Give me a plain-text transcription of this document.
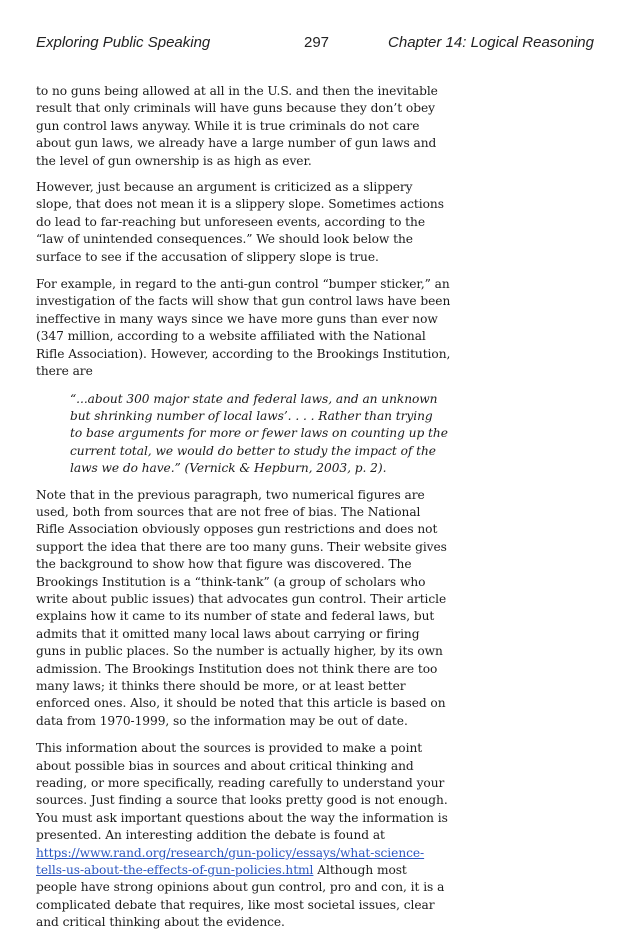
Exploring Public Speaking	297	Chapter 14: Logical Reasoning

to no guns being allowed at all in the U.S. and then the inevitable result that only criminals will have guns because they don’t obey gun control laws anyway. While it is true criminals do not care about gun laws, we already have a large number of gun laws and the level of gun ownership is as high as ever.

However, just because an argument is criticized as a slippery slope, that does not mean it is a slippery slope. Sometimes actions do lead to far-reaching but unforeseen events, according to the “law of unintended consequences.” We should look below the surface to see if the accusation of slippery slope is true.

For example, in regard to the anti-gun control “bumper sticker,” an investigation of the facts will show that gun control laws have been ineffective in many ways since we have more guns than ever now (347 million, according to a website affiliated with the National Rifle Association). However, according to the Brookings Institution, there are

“...about 300 major state and federal laws, and an unknown but shrinking number of local laws’. . . . Rather than trying to base arguments for more or fewer laws on counting up the current total, we would do better to study the impact of the laws we do have.” (Vernick & Hepburn, 2003, p. 2).

Note that in the previous paragraph, two numerical figures are used, both from sources that are not free of bias. The National Rifle Association obviously opposes gun restrictions and does not support the idea that there are too many guns. Their website gives the background to show how that figure was discovered. The Brookings Institution is a “think-tank” (a group of scholars who write about public issues) that advocates gun control. Their article explains how it came to its number of state and federal laws, but admits that it omitted many local laws about carrying or firing guns in public places. So the number is actually higher, by its own admission. The Brookings Institution does not think there are too many laws; it thinks there should be more, or at least better enforced ones. Also, it should be noted that this article is based on data from 1970-1999, so the information may be out of date.

This information about the sources is provided to make a point about possible bias in sources and about critical thinking and reading, or more specifically, reading carefully to understand your sources. Just finding a source that looks pretty good is not enough. You must ask important questions about the way the information is presented. An interesting addition the debate is found at https://www.rand.org/research/gun-policy/essays/what-science-tells-us-about-the-effects-of-gun-policies.html Although most people have strong opinions about gun control, pro and con, it is a complicated debate that requires, like most societal issues, clear and critical thinking about the evidence.
